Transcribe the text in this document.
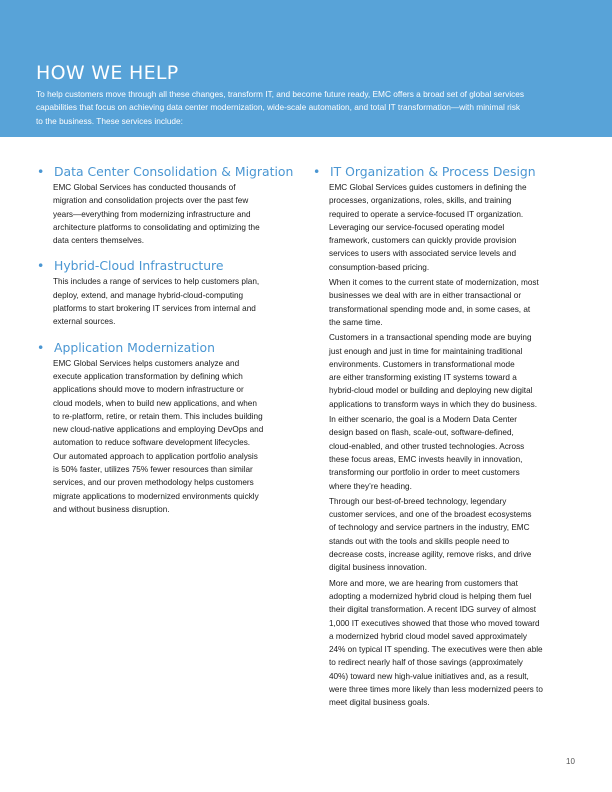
HOW WE HELP
To help customers move through all these changes, transform IT, and become future ready, EMC offers a broad set of global services
capabilities that focus on achieving data center modernization, wide-scale automation, and total IT transformation—with minimal risk
to the business. These services include:
• Data Center Consolidation & Migration
EMC Global Services has conducted thousands of
migration and consolidation projects over the past few
years—everything from modernizing infrastructure and
architecture platforms to consolidating and optimizing the
data centers themselves.
• Hybrid-Cloud Infrastructure
This includes a range of services to help customers plan,
deploy, extend, and manage hybrid-cloud-computing
platforms to start brokering IT services from internal and
external sources.
• Application Modernization
EMC Global Services helps customers analyze and
execute application transformation by defining which
applications should move to modern infrastructure or
cloud models, when to build new applications, and when
to re-platform, retire, or retain them. This includes building
new cloud-native applications and employing DevOps and
automation to reduce software development lifecycles.
Our automated approach to application portfolio analysis
is 50% faster, utilizes 75% fewer resources than similar
services, and our proven methodology helps customers
migrate applications to modernized environments quickly
and without business disruption.
• IT Organization & Process Design
EMC Global Services guides customers in defining the
processes, organizations, roles, skills, and training
required to operate a service-focused IT organization.
Leveraging our service-focused operating model
framework, customers can quickly provide provision
services to users with associated service levels and
consumption-based pricing.
When it comes to the current state of modernization, most
businesses we deal with are in either transactional or
transformational spending mode and, in some cases, at
the same time.
Customers in a transactional spending mode are buying
just enough and just in time for maintaining traditional
environments. Customers in transformational mode
are either transforming existing IT systems toward a
hybrid-cloud model or building and deploying new digital
applications to transform ways in which they do business.
In either scenario, the goal is a Modern Data Center
design based on flash, scale-out, software-defined,
cloud-enabled, and other trusted technologies. Across
these focus areas, EMC invests heavily in innovation,
transforming our portfolio in order to meet customers
where they’re heading.
Through our best-of-breed technology, legendary
customer services, and one of the broadest ecosystems
of technology and service partners in the industry, EMC
stands out with the tools and skills people need to
decrease costs, increase agility, remove risks, and drive
digital business innovation.
More and more, we are hearing from customers that
adopting a modernized hybrid cloud is helping them fuel
their digital transformation. A recent IDG survey of almost
1,000 IT executives showed that those who moved toward
a modernized hybrid cloud model saved approximately
24% on typical IT spending. The executives were then able
to redirect nearly half of those savings (approximately
40%) toward new high-value initiatives and, as a result,
were three times more likely than less modernized peers to
meet digital business goals.
10
